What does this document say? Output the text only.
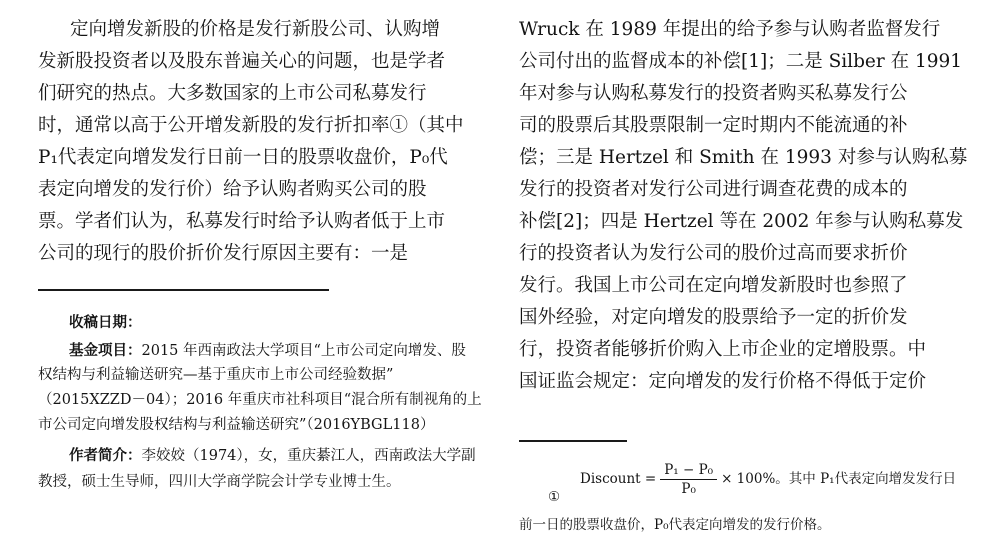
定向增发新股的价格是发行新股公司、认购增
发新股投资者以及股东普遍关心的问题，也是学者
们研究的热点。大多数国家的上市公司私募发行
时，通常以高于公开增发新股的发行折扣率①（其中
P₁代表定向增发发行日前一日的股票收盘价，P₀代
表定向增发的发行价）给予认购者购买公司的股
票。学者们认为，私募发行时给予认购者低于上市
公司的现行的股价折价发行原因主要有：一是
收稿日期：
基金项目：2015 年西南政法大学项目“上市公司定向增发、股
权结构与利益输送研究—基于重庆市上市公司经验数据”
（2015XZZD－04）；2016 年重庆市社科项目“混合所有制视角的上
市公司定向增发股权结构与利益输送研究”（2016YBGL118）
作者简介：李姣姣（1974），女，重庆綦江人，西南政法大学副
教授，硕士生导师，四川大学商学院会计学专业博士生。
Wruck 在 1989 年提出的给予参与认购者监督发行
公司付出的监督成本的补偿[1]；二是 Silber 在 1991
年对参与认购私募发行的投资者购买私募发行公
司的股票后其股票限制一定时期内不能流通的补
偿；三是 Hertzel 和 Smith 在 1993 对参与认购私募
发行的投资者对发行公司进行调查花费的成本的
补偿[2]；四是 Hertzel 等在 2002 年参与认购私募发
行的投资者认为发行公司的股价过高而要求折价
发行。我国上市公司在定向增发新股时也参照了
国外经验，对定向增发的股票给予一定的折价发
行，投资者能够折价购入上市企业的定增股票。中
国证监会规定：定向增发的发行价格不得低于定价
①
Discount = $\frac{\text{P₁ − P₀}}{\text{P₀}} \times 100\%$。其中 P₁代表定向增发发行日
前一日的股票收盘价，P₀代表定向增发的发行价格。
